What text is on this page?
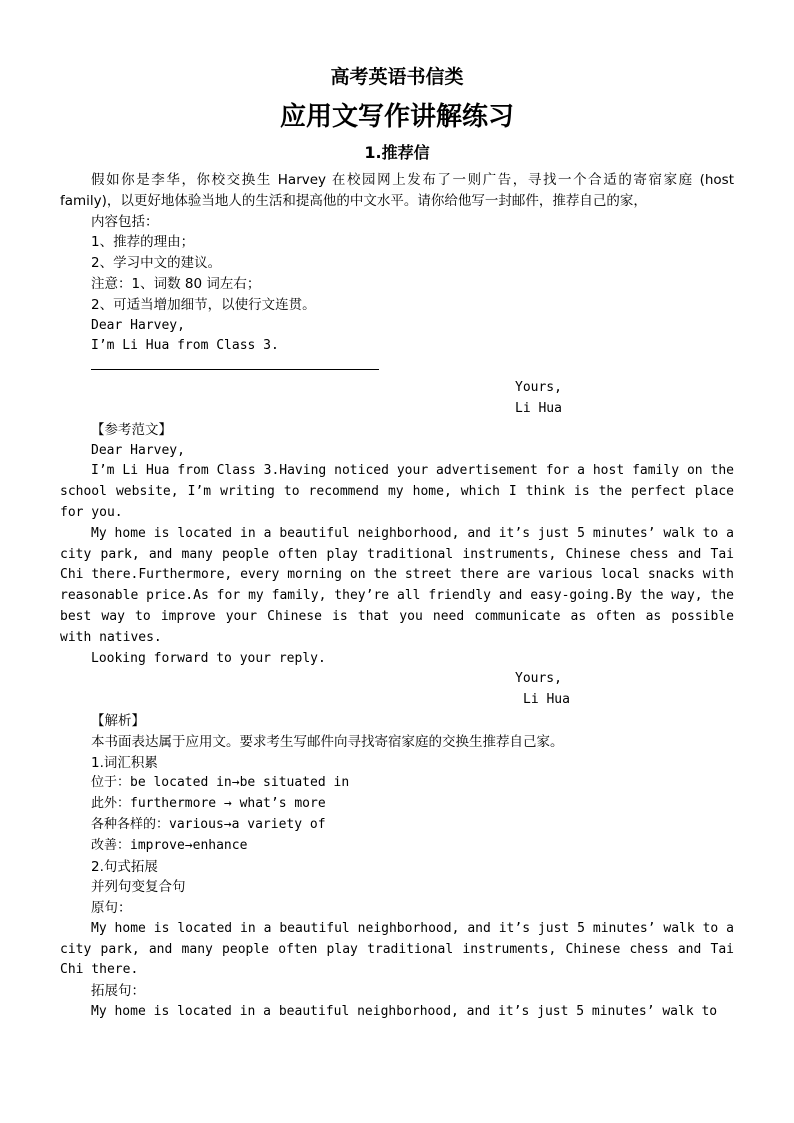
高考英语书信类
应用文写作讲解练习
1.推荐信

假如你是李华，你校交换生 Harvey 在校园网上发布了一则广告，寻找一个合适的寄宿家庭 (host family)，以更好地体验当地人的生活和提高他的中文水平。请你给他写一封邮件，推荐自己的家，

内容包括：

1、推荐的理由；

2、学习中文的建议。

注意：1、词数 80 词左右；

2、可适当增加细节，以使行文连贯。

Dear Harvey,

I’m Li Hua from Class 3.

Yours,

Li Hua

【参考范文】

Dear Harvey,

I’m Li Hua from Class 3.Having noticed your advertisement for a host family on the school website, I’m writing to recommend my home, which I think is the perfect place for you.

My home is located in a beautiful neighborhood, and it’s just 5 minutes’ walk to a city park, and many people often play traditional instruments, Chinese chess and Tai Chi there.Furthermore, every morning on the street there are various local snacks with reasonable price.As for my family, they’re all friendly and easy-going.By the way, the best way to improve your Chinese is that you need communicate as often as possible with natives.

Looking forward to your reply.

Yours,

Li Hua

【解析】

本书面表达属于应用文。要求考生写邮件向寻找寄宿家庭的交换生推荐自己家。

1.词汇积累

位于：be located in→be situated in

此外：furthermore → what’s more

各种各样的：various→a variety of

改善：improve→enhance

2.句式拓展

并列句变复合句

原句：

My home is located in a beautiful neighborhood, and it’s just 5 minutes’ walk to a city park, and many people often play traditional instruments, Chinese chess and Tai Chi there.

拓展句：

My home is located in a beautiful neighborhood, and it’s just 5 minutes’ walk to
